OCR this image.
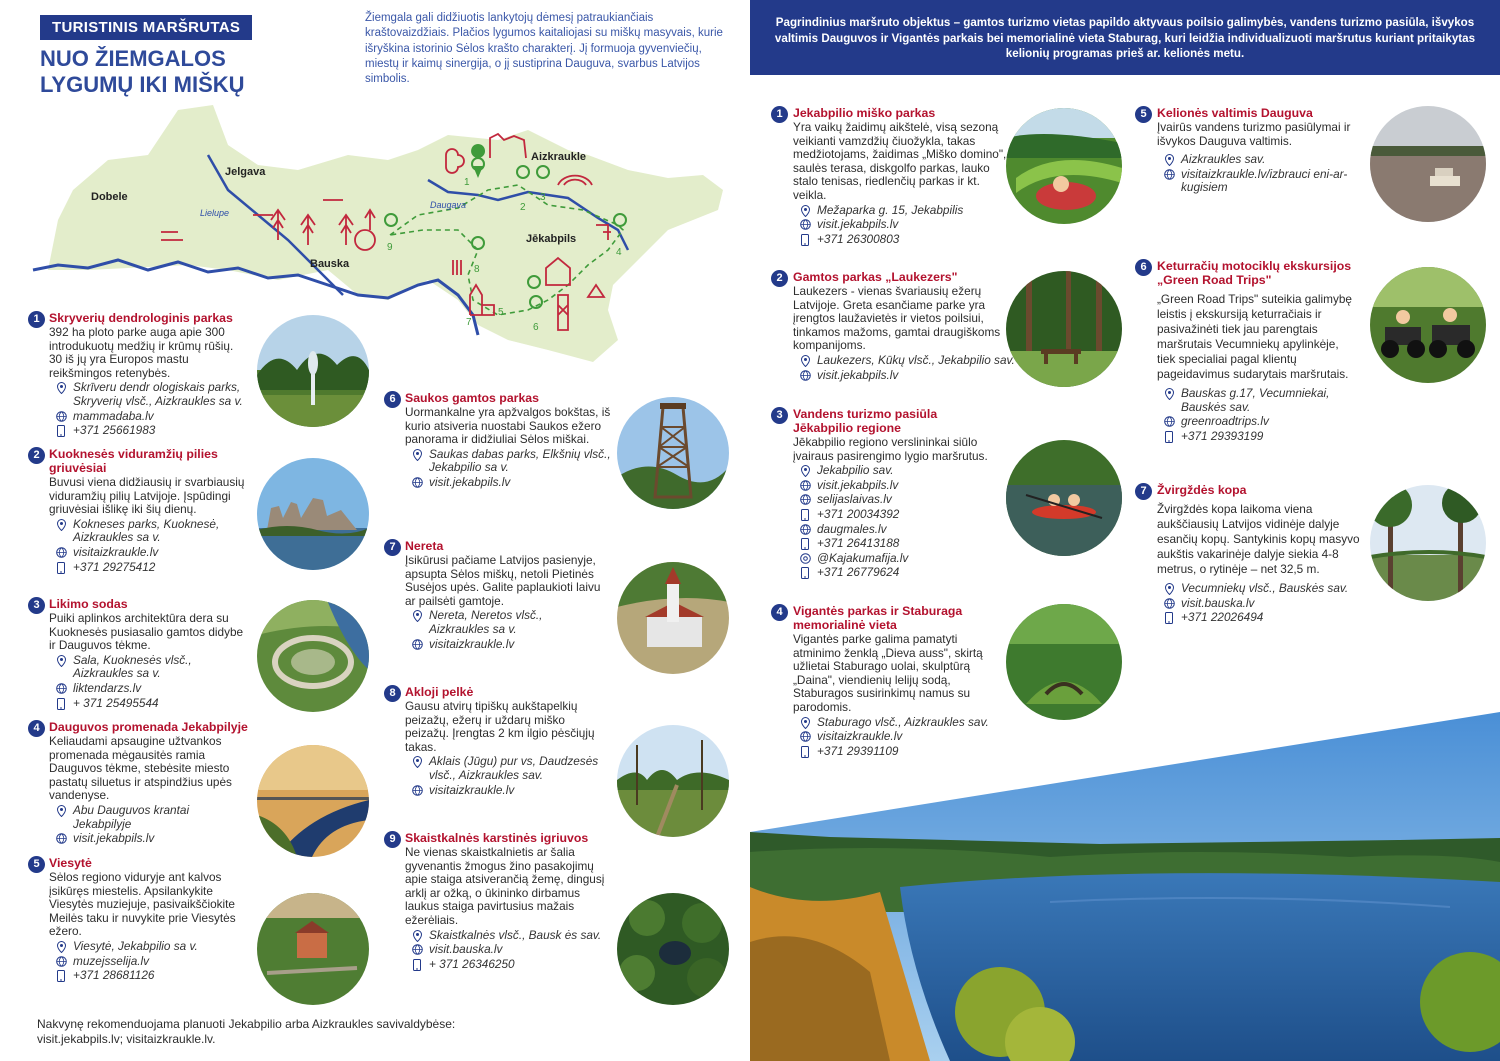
TURISTINIS MARŠRUTAS
NUO ŽIEMGALOS
LYGUMŲ IKI MIŠKŲ
Žiemgala gali didžiuotis lankytojų dėmesį patraukiančiais kraštovaizdžiais. Plačios lygumos kaitaliojasi su miškų masyvais, kurie išryškina istorinio Sėlos krašto charakterį. Jį formuoja gyvenviečių, miestų ir kaimų sinergija, o jį sustiprina Dauguva, svarbus Latvijos simbolis.
Pagrindinius maršruto objektus – gamtos turizmo vietas papildo aktyvaus poilsio galimybės, vandens turizmo pasiūla, išvykos valtimis Dauguvos ir Vigantės parkais bei memorialinė vieta Staburag, kuri leidžia individualizuoti maršrutus kuriant pritaikytas kelionių programas prieš ar. kelionės metu.
Dobele
Jelgava
Bauska
Aizkraukle
Jēkabpils
Lielupe
Daugava
1
2
3
4
5
6
7
8
9
1 Skryverių dendrologinis parkas
392 ha ploto parke auga apie 300 introdukuotų medžių ir krūmų rūšių. 30 iš jų yra Europos mastu reikšmingos retenybės.
Skrīveru dendr ologiskais parks, Skryverių vlsč., Aizkraukles sa v.
mammadaba.lv
+371 25661983
2 Kuoknesės viduramžių pilies griuvėsiai
Buvusi viena didžiausių ir svarbiausių viduramžių pilių Latvijoje. Įspūdingi griuvėsiai išlikę iki šių dienų.
Kokneses parks, Kuoknesė, Aizkraukles sa v.
visitaizkraukle.lv
+371 29275412
3 Likimo sodas
Puiki aplinkos architektūra dera su Kuoknesės pusiasalio gamtos didybe ir Dauguvos tėkme.
Sala, Kuoknesės vlsč., Aizkraukles sa v.
liktendarzs.lv
+ 371 25495544
4 Dauguvos promenada Jekabpilyje
Keliaudami apsaugine užtvankos promenada mėgausitės ramia Dauguvos tėkme, stebėsite miesto pastatų siluetus ir atspindžius upės vandenyse.
Abu Dauguvos krantai Jekabpilyje
visit.jekabpils.lv
5 Viesytė
Sėlos regiono viduryje ant kalvos įsikūręs miestelis. Apsilankykite Viesytės muziejuje, pasivaikščiokite Meilės taku ir nuvykite prie Viesytės ežero.
Viesytė, Jekabpilio sa v.
muzejsselija.lv
+371 28681126
6 Saukos gamtos parkas
Uormankalne yra apžvalgos bokštas, iš kurio atsiveria nuostabi Saukos ežero panorama ir didžiuliai Sėlos miškai.
Saukas dabas parks, Elkšnių vlsč., Jekabpilio sa v.
visit.jekabpils.lv
7 Nereta
Įsikūrusi pačiame Latvijos pasienyje, apsupta Sėlos miškų, netoli Pietinės Susėjos upės. Galite paplaukioti laivu ar pailsėti gamtoje.
Nereta, Neretos vlsč., Aizkraukles sa v.
visitaizkraukle.lv
8 Akloji pelkė
Gausu atvirų tipiškų aukštapelkių peizažų, ežerų ir uždarų miško peizažų. Įrengtas 2 km ilgio pėsčiųjų takas.
Aklais (Jūgu) pur vs, Daudzesės vlsč., Aizkraukles sav.
visitaizkraukle.lv
9 Skaistkalnės karstinės igriuvos
Ne vienas skaistkalnietis ar šalia gyvenantis žmogus žino pasakojimų apie staiga atsiverančią žemę, dingusį arklį ar ožką, o ūkininko dirbamus laukus staiga pavirtusius mažais ežerėliais.
Skaistkalnės vlsč., Bausk ės sav.
visit.bauska.lv
+ 371 26346250
Nakvynę rekomenduojama planuoti Jekabpilio arba Aizkraukles savivaldybėse: visit.jekabpils.lv; visitaizkraukle.lv.
1 Jekabpilio miško parkas
Yra vaikų žaidimų aikštelė, visą sezoną veikianti vamzdžių čiuožykla, takas medžiotojams, žaidimas „Miško domino", saulės terasa, diskgolfo parkas, lauko stalo tenisas, riedlenčių parkas ir kt. veikla.
Mežaparka g. 15, Jekabpilis
visit.jekabpils.lv
+371 26300803
2 Gamtos parkas „Laukezers"
Laukezers - vienas švariausių ežerų Latvijoje. Greta esančiame parke yra įrengtos laužavietės ir vietos poilsiui, tinkamos mažoms, gamtai draugiškoms kompanijoms.
Laukezers, Kūkų vlsč., Jekabpilio sav.
visit.jekabpils.lv
3 Vandens turizmo pasiūla Jēkabpilio regione
Jēkabpilio regiono verslininkai siūlo įvairaus pasirengimo lygio maršrutus.
Jekabpilio sav.
visit.jekabpils.lv
selijaslaivas.lv
+371 20034392
daugmales.lv
+371 26413188
@Kajakumafija.lv
+371 26779624
4 Vigantės parkas ir Staburaga memorialinė vieta
Vigantės parke galima pamatyti atminimo ženklą „Dieva auss", skirtą užlietai Staburago uolai, skulptūrą „Daina", viendienių lelijų sodą, Staburagos susirinkimų namus su parodomis.
Staburago vlsč., Aizkraukles sav.
visitaizkraukle.lv
+371 29391109
5 Kelionės valtimis Dauguva
Įvairūs vandens turizmo pasiūlymai ir išvykos Dauguva valtimis.
Aizkraukles sav.
visitaizkraukle.lv/izbrauci eni-ar-kugisiem
6 Keturračių motociklų ekskursijos „Green Road Trips"
„Green Road Trips" suteikia galimybę leistis į ekskursiją keturračiais ir pasivažinėti tiek jau parengtais maršrutais Vecumniekų apylinkėje, tiek specialiai pagal klientų pageidavimus sudarytais maršrutais.
Bauskas g.17, Vecumniekai, Bauskės sav.
greenroadtrips.lv
+371 29393199
7 Žvirgždės kopa
Žvirgždės kopa laikoma viena aukščiausių Latvijos vidinėje dalyje esančių kopų. Santykinis kopų masyvo aukštis vakarinėje dalyje siekia 4-8 metrus, o rytinėje – net 32,5 m.
Vecumniekų vlsč., Bauskės sav.
visit.bauska.lv
+371 22026494
